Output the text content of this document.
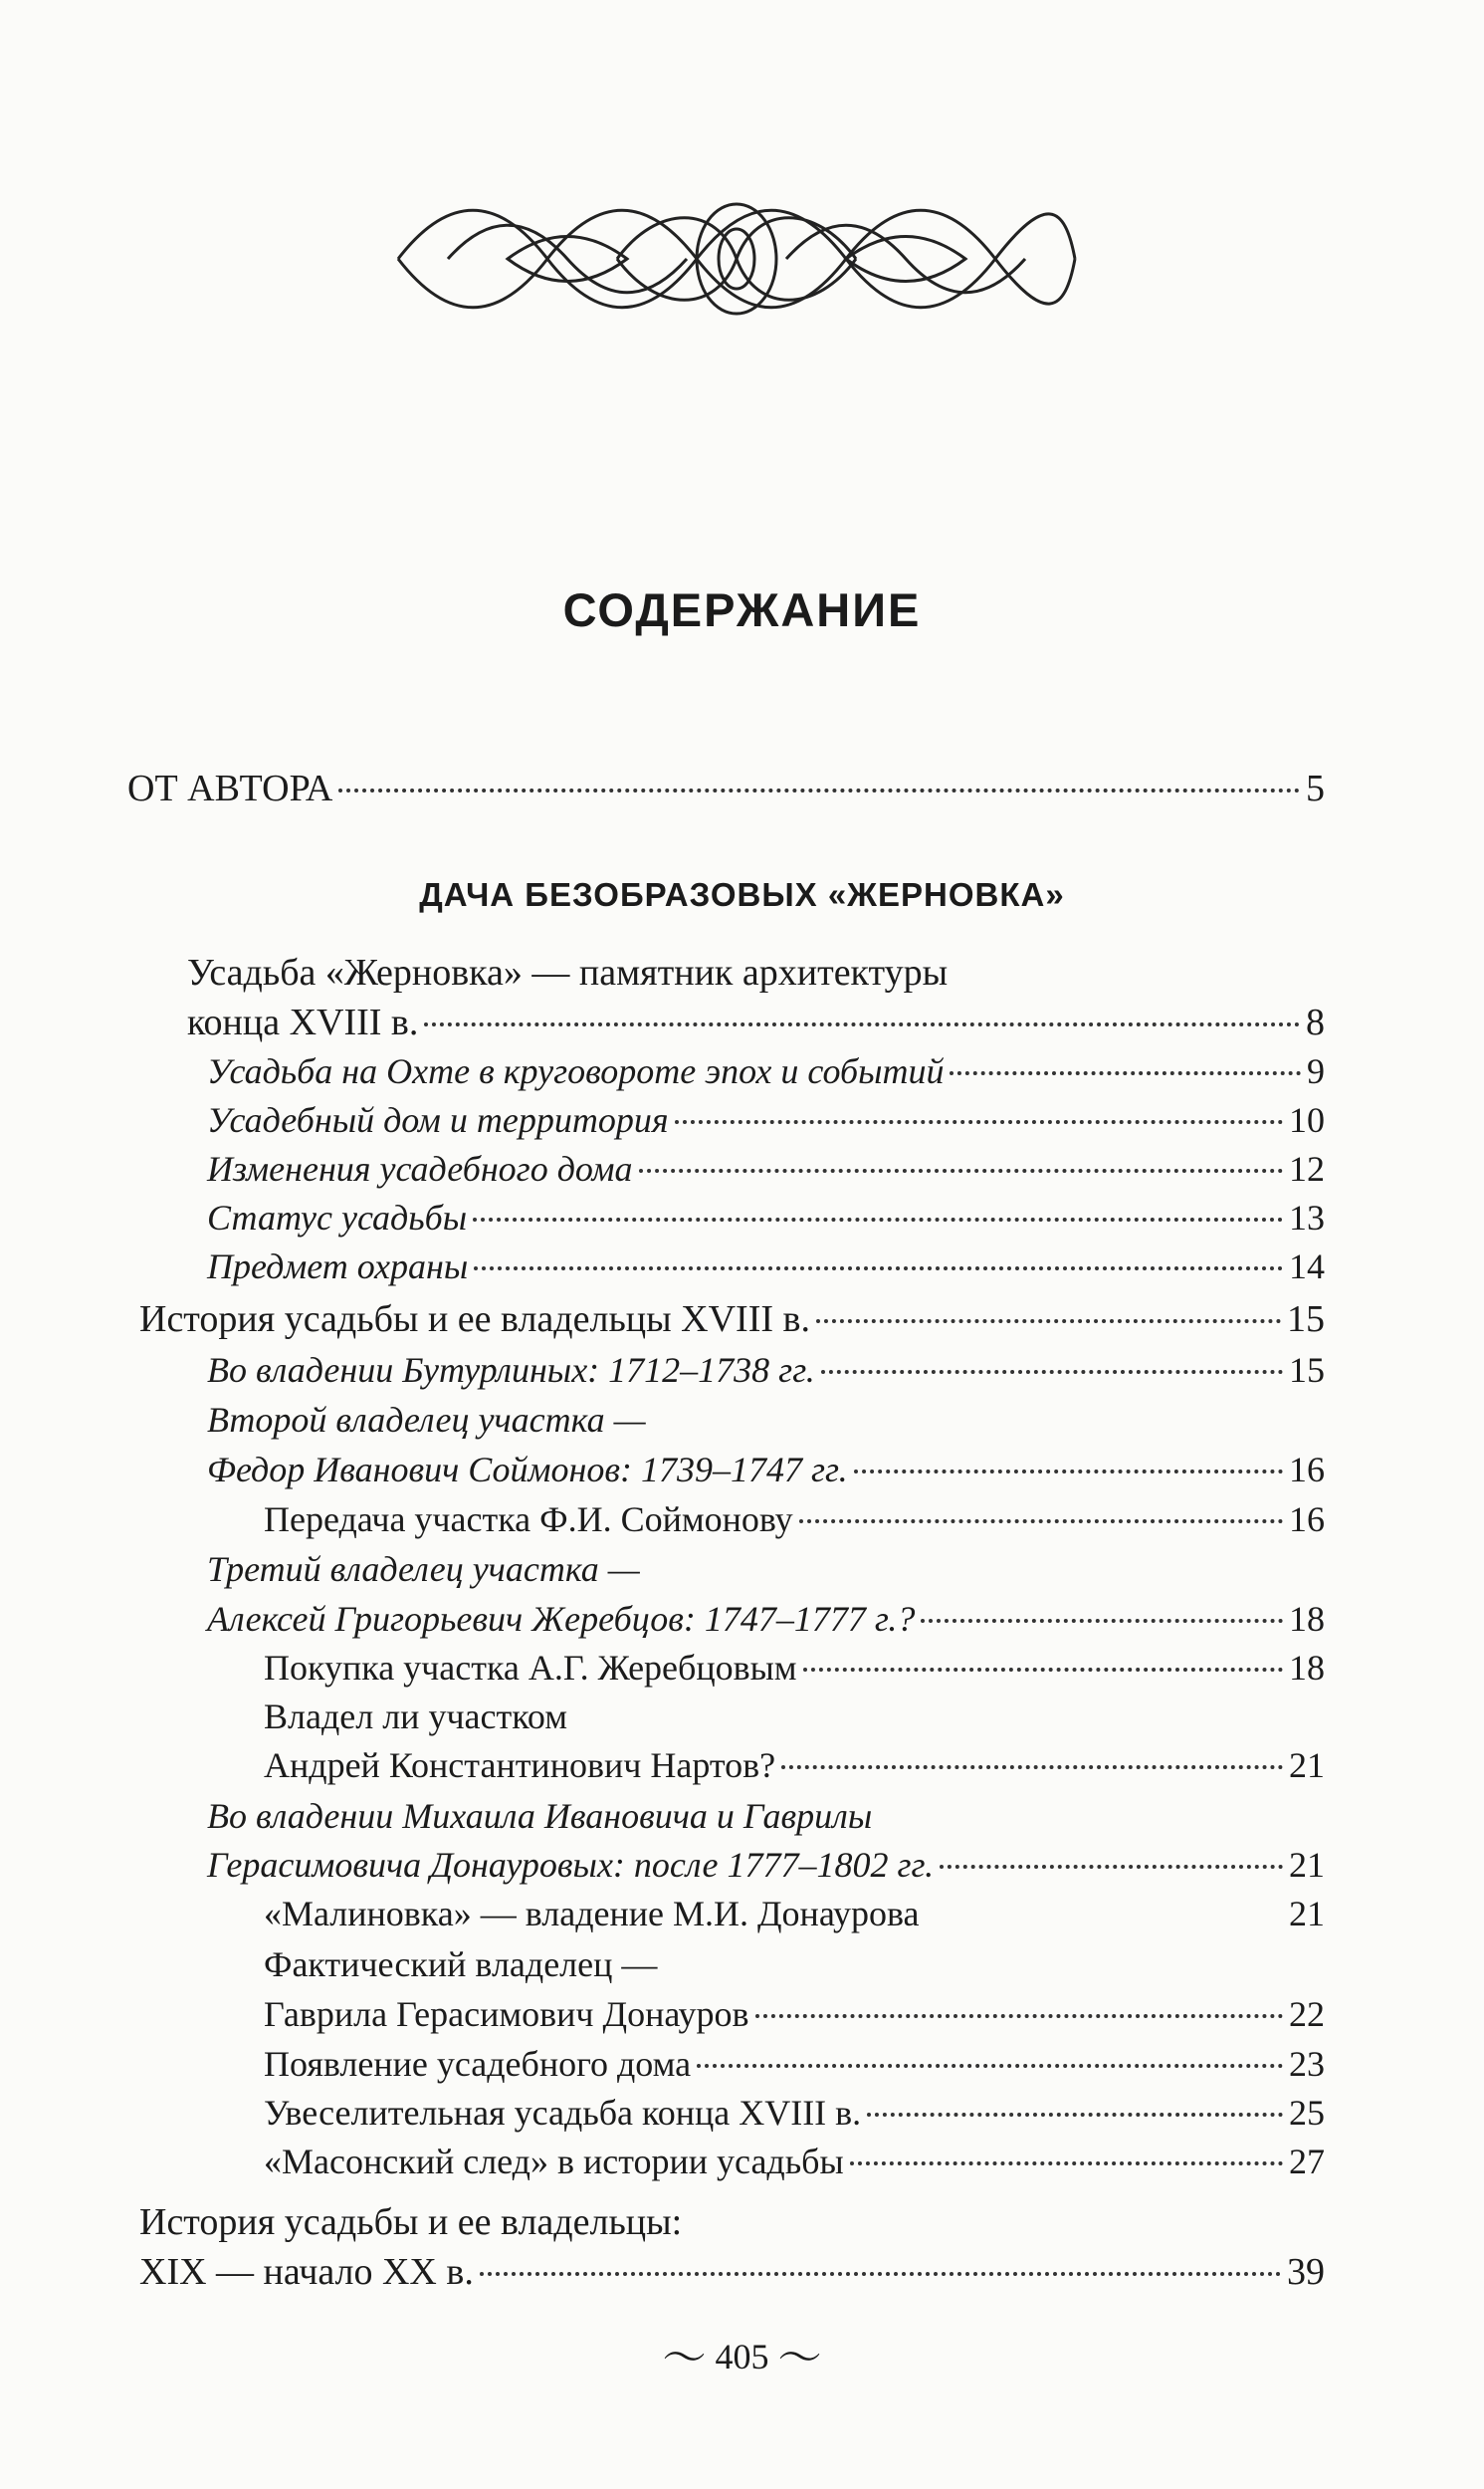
СОДЕРЖАНИЕ
ОТ АВТОРА	5
ДАЧА БЕЗОБРАЗОВЫХ «ЖЕРНОВКА»
Усадьба «Жерновка» — памятник архитектуры
конца XVIII в.	8
Усадьба на Охте в круговороте эпох и событий	9
Усадебный дом и территория	10
Изменения усадебного дома	12
Статус усадьбы	13
Предмет охраны	14
История усадьбы и ее владельцы XVIII в.	15
Во владении Бутурлиных: 1712–1738 гг.	15
Второй владелец участка —
Федор Иванович Соймонов: 1739–1747 гг.	16
Передача участка Ф.И. Соймонову	16
Третий владелец участка —
Алексей Григорьевич Жеребцов: 1747–1777 г.?	18
Покупка участка А.Г. Жеребцовым	18
Владел ли участком
Андрей Константинович Нартов?	21
Во владении Михаила Ивановича и Гаврилы
Герасимовича Донауровых: после 1777–1802 гг.	21
«Малиновка» — владение М.И. Донаурова	21
Фактический владелец —
Гаврила Герасимович Донауров	22
Появление усадебного дома	23
Увеселительная усадьба конца XVIII в.	25
«Масонский след» в истории усадьбы	27
История усадьбы и ее владельцы:
XIX — начало XX в.	39
〜 405 〜
